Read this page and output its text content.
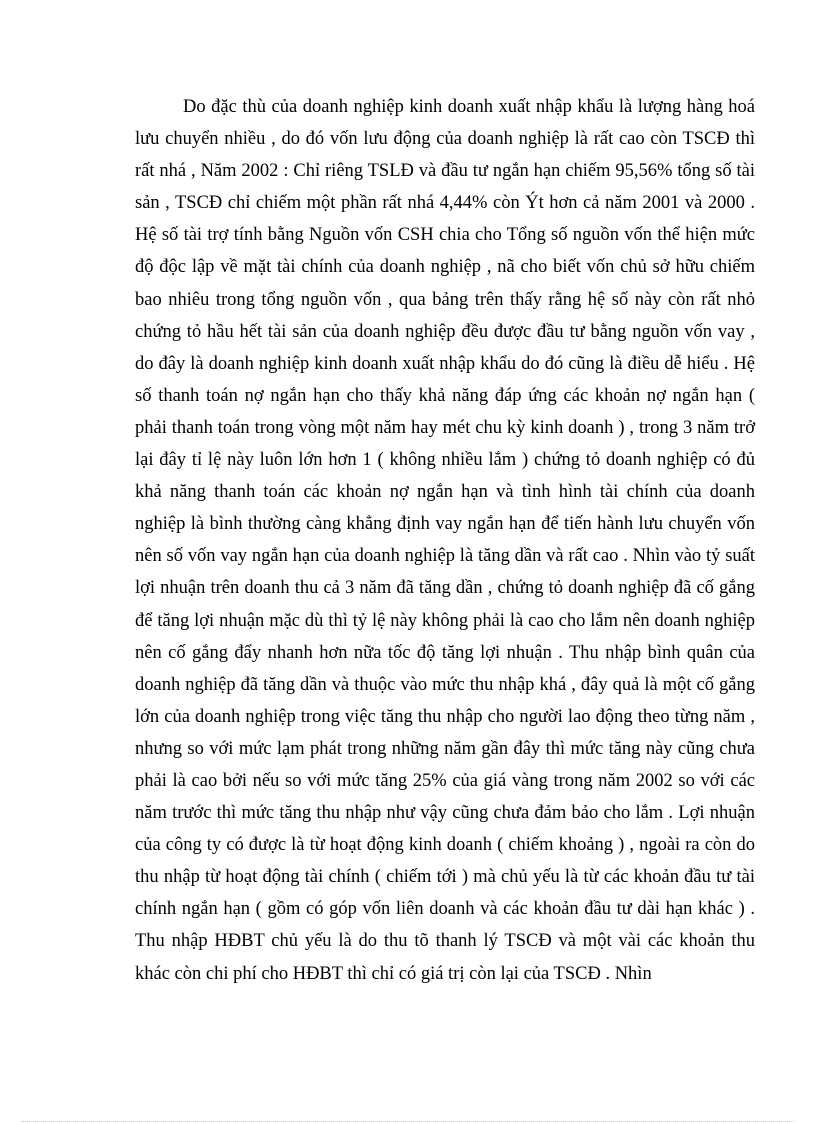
Do đặc thù của doanh nghiệp kinh doanh xuất nhập khẩu là lượng hàng hoá lưu chuyển nhiều , do đó vốn lưu động của doanh nghiệp là rất cao còn TSCĐ thì rất nhá , Năm 2002 : Chỉ riêng TSLĐ và đầu tư ngắn hạn chiếm 95,56% tổng số tài sản , TSCĐ chỉ chiếm một phần rất nhá 4,44% còn Ýt hơn cả năm 2001 và 2000 . Hệ số tài trợ tính bằng Nguồn vốn CSH chia cho Tổng số nguồn vốn thể hiện mức độ độc lập về mặt tài chính của doanh nghiệp , nã cho biết vốn chủ sở hữu chiếm bao nhiêu trong tổng nguồn vốn , qua bảng trên thấy rằng hệ số này còn rất nhỏ chứng tỏ hầu hết tài sản của doanh nghiệp đều được đầu tư bằng nguồn vốn vay , do đây là doanh nghiệp kinh doanh xuất nhập khẩu do đó cũng là điều dễ hiểu . Hệ số thanh toán nợ ngắn hạn cho thấy khả năng đáp ứng các khoản nợ ngắn hạn ( phải thanh toán trong vòng một năm hay mét chu kỳ kinh doanh ) , trong 3 năm trở lại đây tỉ lệ này luôn lớn hơn 1 ( không nhiều lắm ) chứng tỏ doanh nghiệp có đủ khả năng thanh toán các khoản nợ ngắn hạn và tình hình tài chính của doanh nghiệp là bình thường càng khẳng định vay ngắn hạn để tiến hành lưu chuyển vốn nên số vốn vay ngắn hạn của doanh nghiệp là tăng dần và rất cao . Nhìn vào tỷ suất lợi nhuận trên doanh thu cả 3 năm đã tăng dần , chứng tỏ doanh nghiệp đã cố gắng để tăng lợi nhuận mặc dù thì tỷ lệ này không phải là cao cho lắm nên doanh nghiệp nên cố gắng đẩy nhanh hơn nữa tốc độ tăng lợi nhuận . Thu nhập bình quân của doanh nghiệp đã tăng dần và thuộc vào mức thu nhập khá , đây quả là một cố gắng lớn của doanh nghiệp trong việc tăng thu nhập cho người lao động theo từng năm , nhưng so với mức lạm phát trong những năm gần đây thì mức tăng này cũng chưa phải là cao bởi nếu so với mức tăng 25% của giá vàng trong năm 2002 so với các năm trước thì mức tăng thu nhập như vậy cũng chưa đảm bảo cho lắm . Lợi nhuận của công ty có được là từ hoạt động kinh doanh ( chiếm khoảng ) , ngoài ra còn do thu nhập từ hoạt động tài chính ( chiếm tới ) mà chủ yếu là từ các khoản đầu tư tài chính ngắn hạn ( gồm có góp vốn liên doanh và các khoản đầu tư dài hạn khác ) . Thu nhập HĐBT chủ yếu là do thu tõ thanh lý TSCĐ và một vài các khoản thu khác còn chi phí cho HĐBT thì chỉ có giá trị còn lại của TSCĐ . Nhìn
